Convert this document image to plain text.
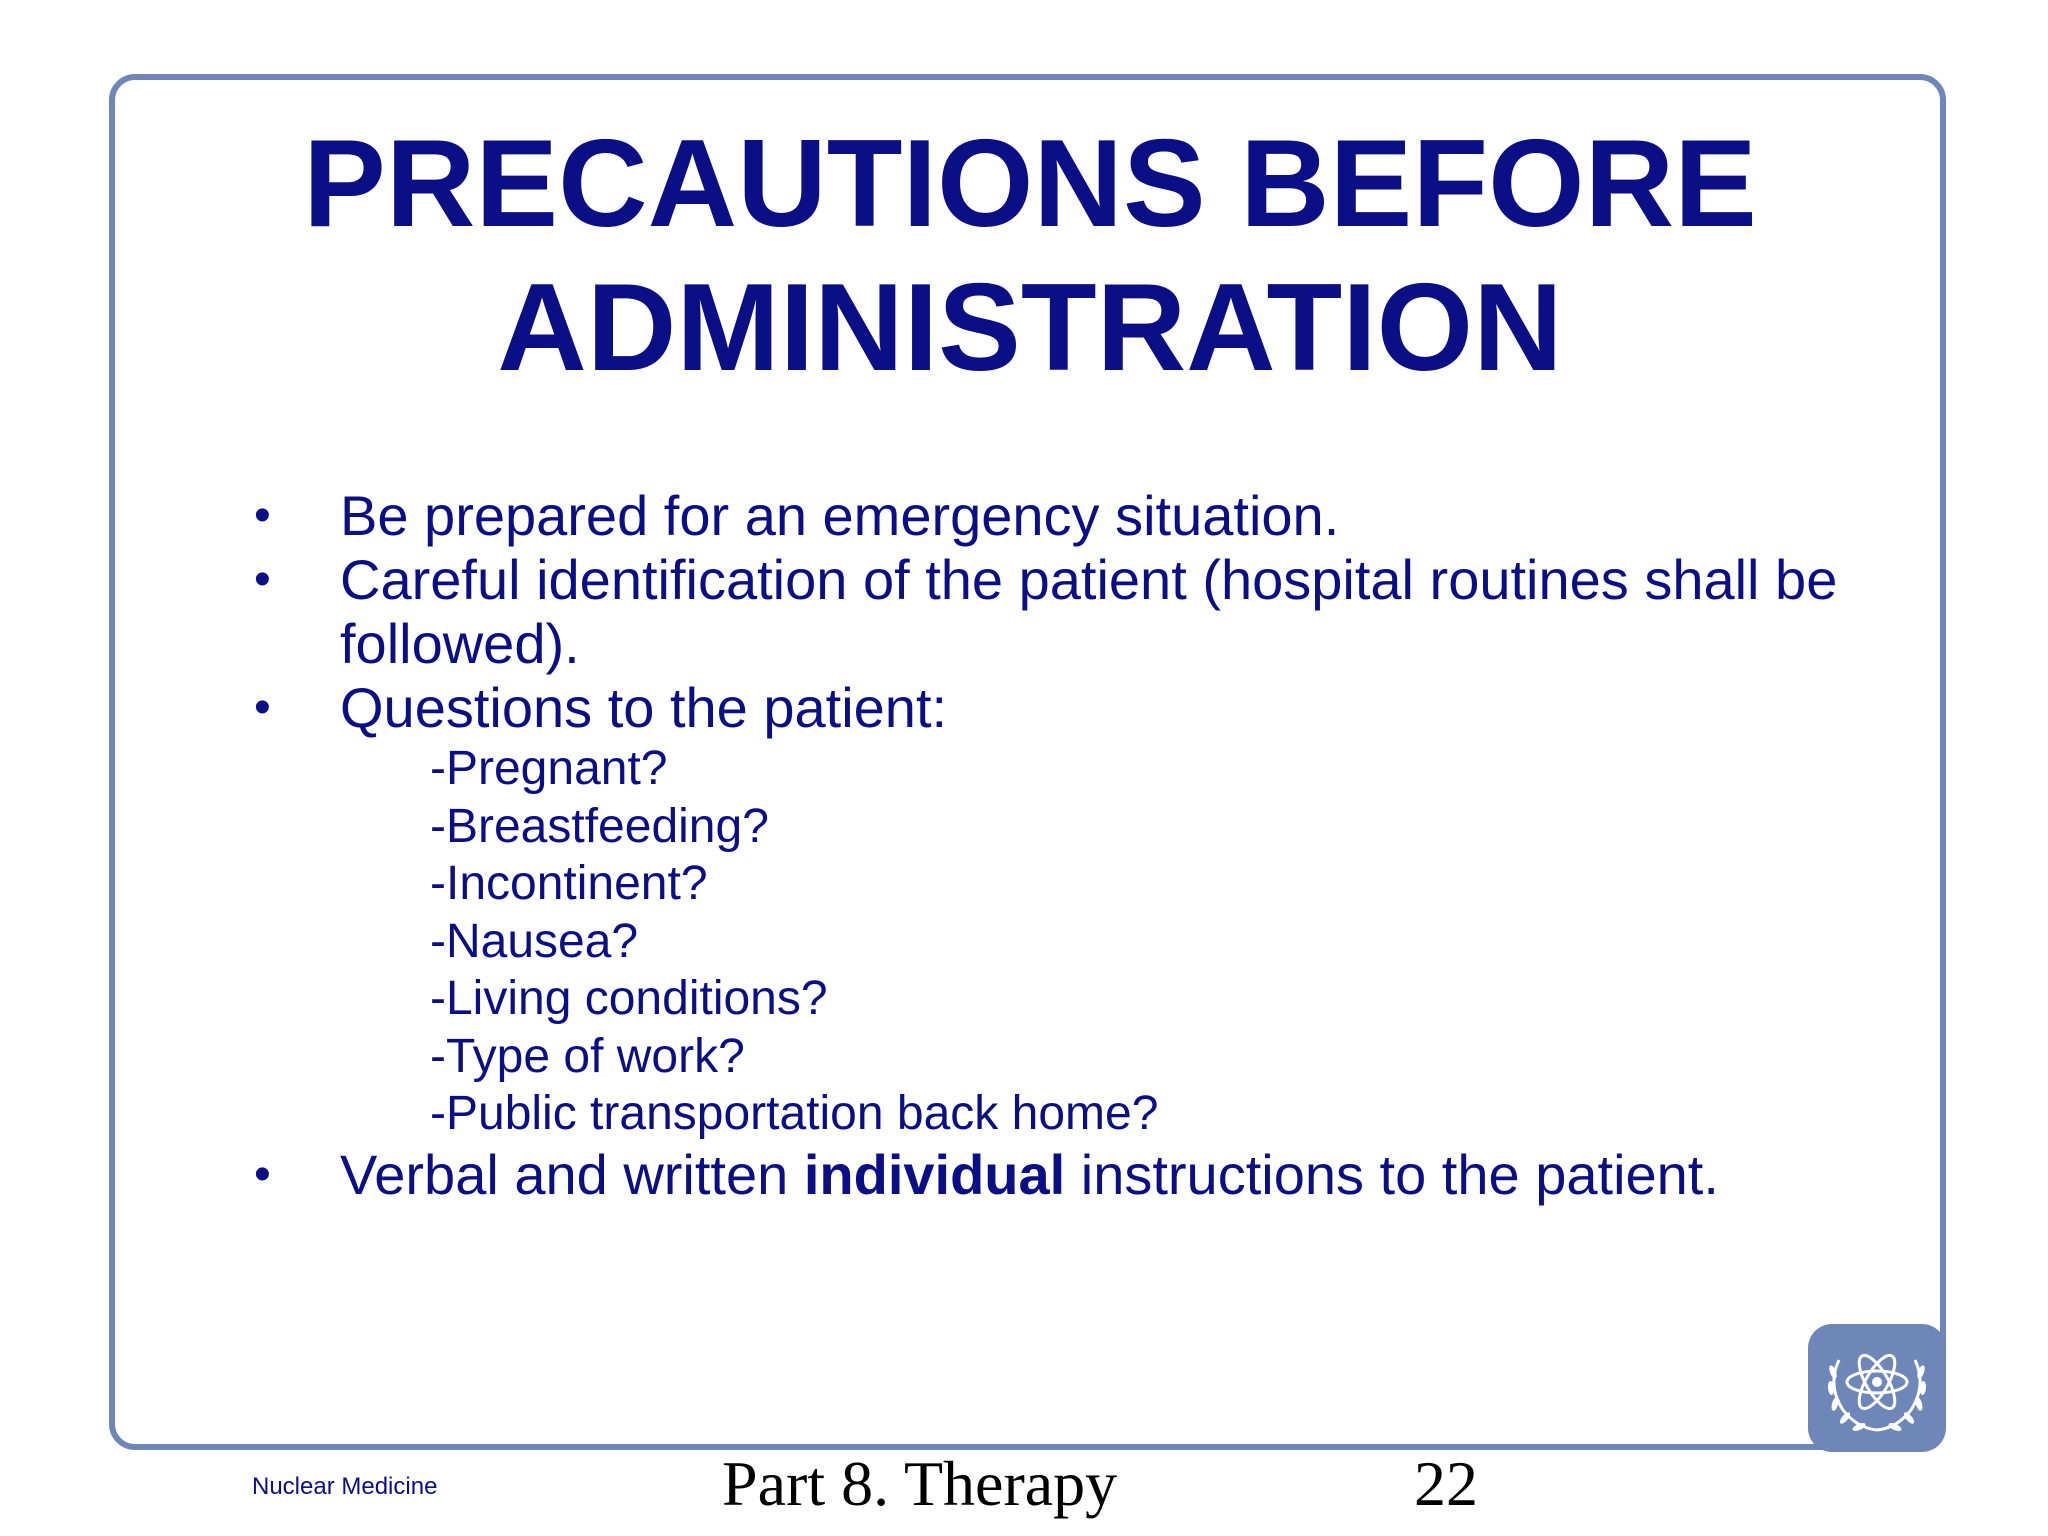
PRECAUTIONS BEFORE
ADMINISTRATION
• Be prepared for an emergency situation.
• Careful identification of the patient (hospital routines shall be followed).
• Questions to the patient:
-Pregnant?
-Breastfeeding?
-Incontinent?
-Nausea?
-Living conditions?
-Type of work?
-Public transportation back home?
• Verbal and written individual instructions to the patient.
Nuclear Medicine	Part 8. Therapy	22
